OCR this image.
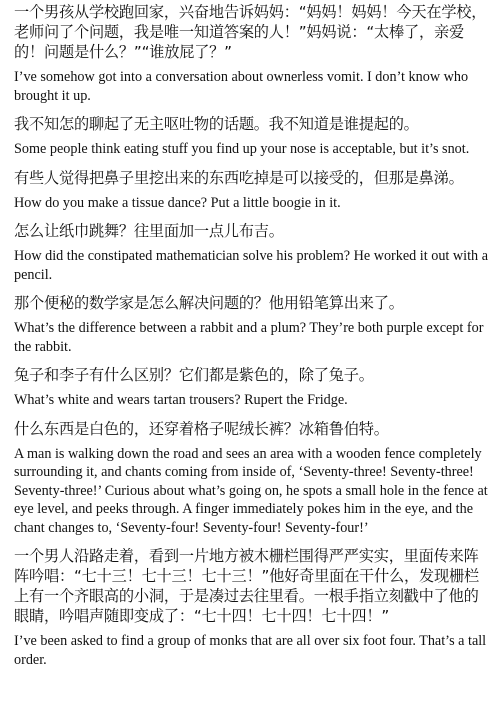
一个男孩从学校跑回家，兴奋地告诉妈妈：“妈妈！妈妈！今天在学校，老师问了个问题，我是唯一知道答案的人！”妈妈说：“太棒了，亲爱的！问题是什么？”“谁放屁了？”

I’ve somehow got into a conversation about ownerless vomit. I don’t know who brought it up.

我不知怎的聊起了无主呕吐物的话题。我不知道是谁提起的。

Some people think eating stuff you find up your nose is acceptable, but it’s snot.

有些人觉得把鼻子里挖出来的东西吃掉是可以接受的，但那是鼻涕。

How do you make a tissue dance? Put a little boogie in it.

怎么让纸巾跳舞？往里面加一点儿布吉。

How did the constipated mathematician solve his problem? He worked it out with a pencil.

那个便秘的数学家是怎么解决问题的？他用铅笔算出来了。

What’s the difference between a rabbit and a plum? They’re both purple except for the rabbit.

兔子和李子有什么区别？它们都是紫色的，除了兔子。

What’s white and wears tartan trousers? Rupert the Fridge.

什么东西是白色的，还穿着格子呢绒长裤？冰箱鲁伯特。

A man is walking down the road and sees an area with a wooden fence completely surrounding it, and chants coming from inside of, ‘Seventy-three! Seventy-three! Seventy-three!’ Curious about what’s going on, he spots a small hole in the fence at eye level, and peeks through. A finger immediately pokes him in the eye, and the chant changes to, ‘Seventy-four! Seventy-four! Seventy-four!’

一个男人沿路走着，看到一片地方被木栅栏围得严严实实，里面传来阵阵吟唱：“七十三！七十三！七十三！”他好奇里面在干什么，发现栅栏上有一个齐眼高的小洞，于是凑过去往里看。一根手指立刻戳中了他的眼睛，吟唱声随即变成了：“七十四！七十四！七十四！”

I’ve been asked to find a group of monks that are all over six foot four. That’s a tall order.
